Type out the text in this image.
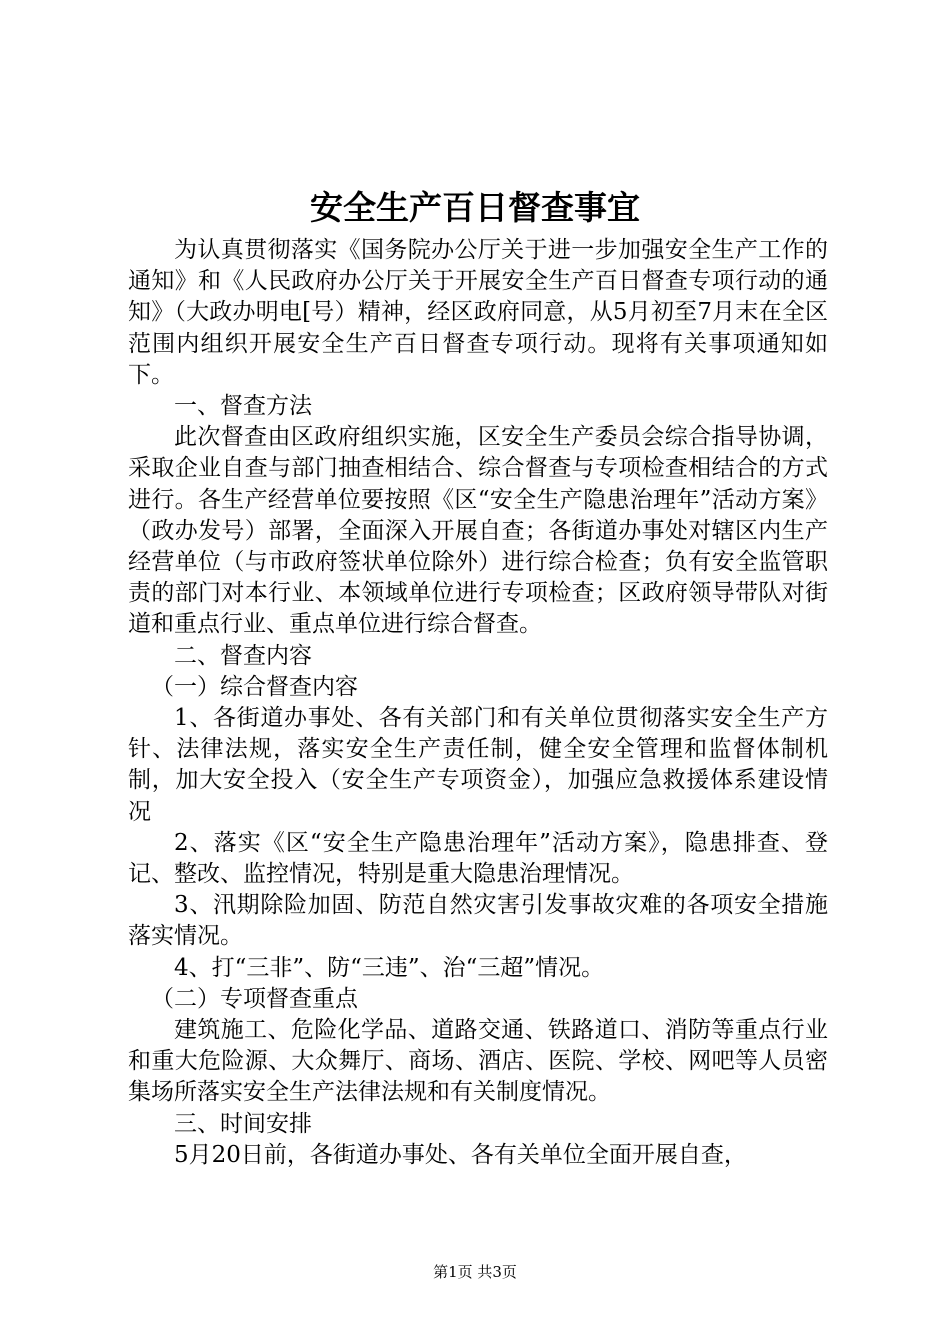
安全生产百日督查事宜

为认真贯彻落实《国务院办公厅关于进一步加强安全生产工作的通知》和《人民政府办公厅关于开展安全生产百日督查专项行动的通知》（大政办明电[号）精神，经区政府同意，从5月初至7月末在全区范围内组织开展安全生产百日督查专项行动。现将有关事项通知如下。

一、督查方法

此次督查由区政府组织实施，区安全生产委员会综合指导协调，采取企业自查与部门抽查相结合、综合督查与专项检查相结合的方式进行。各生产经营单位要按照《区“安全生产隐患治理年”活动方案》（政办发号）部署，全面深入开展自查；各街道办事处对辖区内生产经营单位（与市政府签状单位除外）进行综合检查；负有安全监管职责的部门对本行业、本领域单位进行专项检查；区政府领导带队对街道和重点行业、重点单位进行综合督查。

二、督查内容

（一）综合督查内容

1、各街道办事处、各有关部门和有关单位贯彻落实安全生产方针、法律法规，落实安全生产责任制，健全安全管理和监督体制机制，加大安全投入（安全生产专项资金），加强应急救援体系建设情况

2、落实《区“安全生产隐患治理年”活动方案》，隐患排查、登记、整改、监控情况，特别是重大隐患治理情况。

3、汛期除险加固、防范自然灾害引发事故灾难的各项安全措施落实情况。

4、打“三非”、防“三违”、治“三超”情况。

（二）专项督查重点

建筑施工、危险化学品、道路交通、铁路道口、消防等重点行业和重大危险源、大众舞厅、商场、酒店、医院、学校、网吧等人员密集场所落实安全生产法律法规和有关制度情况。

三、时间安排

5月20日前，各街道办事处、各有关单位全面开展自查，

第1页 共3页
